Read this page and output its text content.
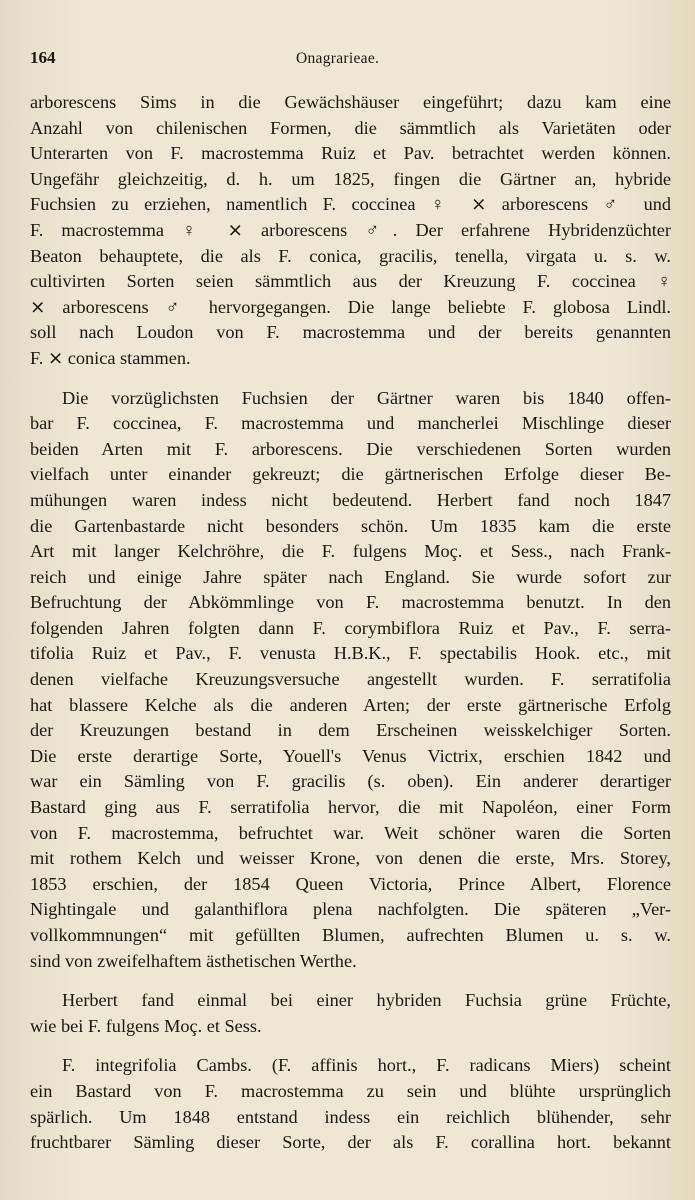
164	Onagrarieae.

arborescens Sims in die Gewächshäuser eingeführt; dazu kam eine
Anzahl von chilenischen Formen, die sämmtlich als Varietäten oder
Unterarten von F. macrostemma Ruiz et Pav. betrachtet werden können.
Ungefähr gleichzeitig, d. h. um 1825, fingen die Gärtner an, hybride
Fuchsien zu erziehen, namentlich F. coccinea ♀ ⨯ arborescens ♂ und
F. macrostemma ♀ ⨯ arborescens ♂. Der erfahrene Hybridenzüchter
Beaton behauptete, die als F. conica, gracilis, tenella, virgata u. s. w.
cultivirten Sorten seien sämmtlich aus der Kreuzung F. coccinea ♀
⨯ arborescens ♂ hervorgegangen. Die lange beliebte F. globosa Lindl.
soll nach Loudon von F. macrostemma und der bereits genannten
F. ⨯ conica stammen.

Die vorzüglichsten Fuchsien der Gärtner waren bis 1840 offen-
bar F. coccinea, F. macrostemma und mancherlei Mischlinge dieser
beiden Arten mit F. arborescens. Die verschiedenen Sorten wurden
vielfach unter einander gekreuzt; die gärtnerischen Erfolge dieser Be-
mühungen waren indess nicht bedeutend. Herbert fand noch 1847
die Gartenbastarde nicht besonders schön. Um 1835 kam die erste
Art mit langer Kelchröhre, die F. fulgens Moç. et Sess., nach Frank-
reich und einige Jahre später nach England. Sie wurde sofort zur
Befruchtung der Abkömmlinge von F. macrostemma benutzt. In den
folgenden Jahren folgten dann F. corymbiflora Ruiz et Pav., F. serra-
tifolia Ruiz et Pav., F. venusta H.B.K., F. spectabilis Hook. etc., mit
denen vielfache Kreuzungsversuche angestellt wurden. F. serratifolia
hat blassere Kelche als die anderen Arten; der erste gärtnerische Erfolg
der Kreuzungen bestand in dem Erscheinen weisskelchiger Sorten.
Die erste derartige Sorte, Youell's Venus Victrix, erschien 1842 und
war ein Sämling von F. gracilis (s. oben). Ein anderer derartiger
Bastard ging aus F. serratifolia hervor, die mit Napoléon, einer Form
von F. macrostemma, befruchtet war. Weit schöner waren die Sorten
mit rothem Kelch und weisser Krone, von denen die erste, Mrs. Storey,
1853 erschien, der 1854 Queen Victoria, Prince Albert, Florence
Nightingale und galanthiflora plena nachfolgten. Die späteren „Ver-
vollkommnungen“ mit gefüllten Blumen, aufrechten Blumen u. s. w.
sind von zweifelhaftem ästhetischen Werthe.

Herbert fand einmal bei einer hybriden Fuchsia grüne Früchte,
wie bei F. fulgens Moç. et Sess.

F. integrifolia Cambs. (F. affinis hort., F. radicans Miers) scheint
ein Bastard von F. macrostemma zu sein und blühte ursprünglich
spärlich. Um 1848 entstand indess ein reichlich blühender, sehr
fruchtbarer Sämling dieser Sorte, der als F. corallina hort. bekannt
